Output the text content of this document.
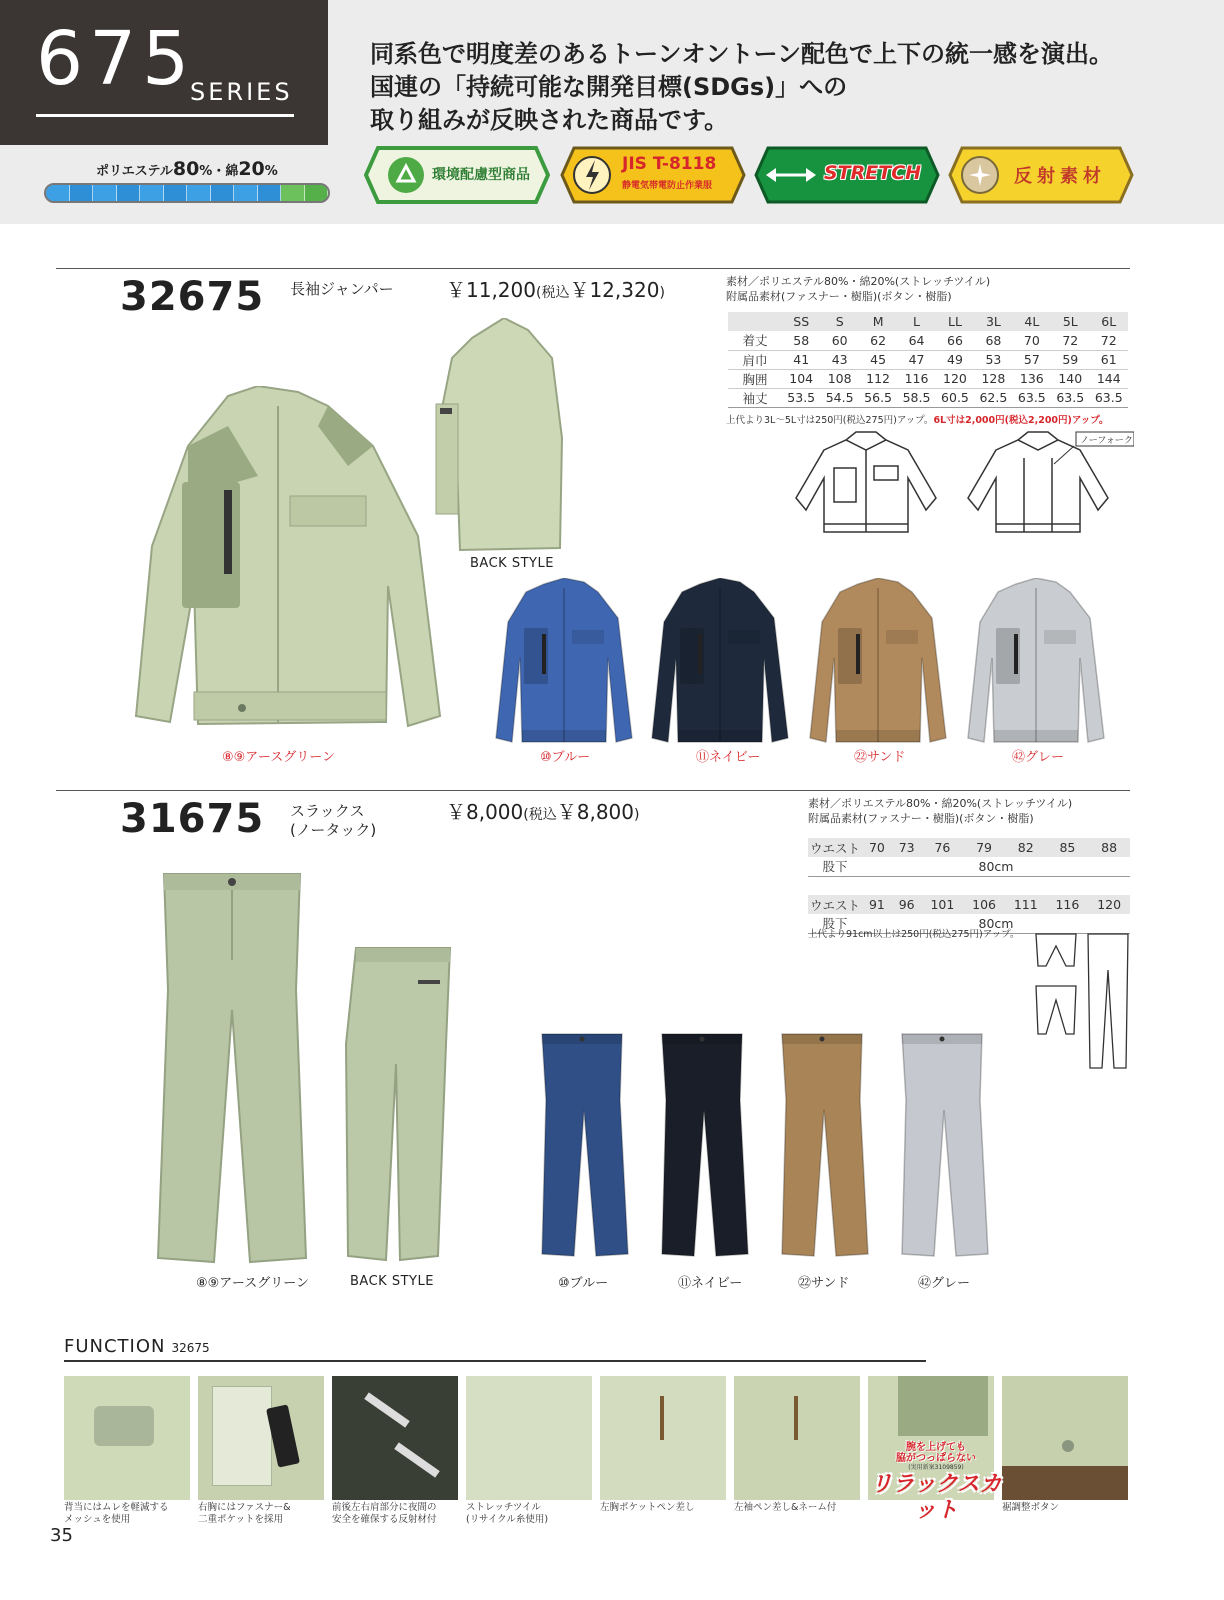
675
SERIES
同系色で明度差のあるトーンオントーン配色で上下の統一感を演出。
国連の「持続可能な開発目標(SDGs)」への
取り組みが反映された商品です。
ポリエステル80%・綿20%	環境配慮型商品
JIS T-8118
静電気帯電防止作業服
STRETCH	反射素材
32675 長袖ジャンパー	￥11,200(税込￥12,320)
素材／ポリエステル80%・綿20%(ストレッチツイル)
附属品素材(ファスナー・樹脂)(ボタン・樹脂)
	SS	S	M	L	LL	3L	4L	5L	6L
着丈	58	60	62	64	66	68	70	72	72
肩巾	41	43	45	47	49	53	57	59	61
胸囲	104	108	112	116	120	128	136	140	144
袖丈	53.5	54.5	56.5	58.5	60.5	62.5	63.5	63.5	63.5
上代より3L〜5L寸は250円(税込275円)アップ。6L寸は2,000円(税込2,200円)アップ。
ノーフォーク
⑧⑨アースグリーン
BACK STYLE
⑩ブルー	⑪ネイビー	㉒サンド	㊷グレー
31675 スラックス
(ノータック)
￥8,000(税込￥8,800)
素材／ポリエステル80%・綿20%(ストレッチツイル)
附属品素材(ファスナー・樹脂)(ボタン・樹脂)
ウエスト	70	73	76	79	82	85	88
股下	80cm						

ウエスト	91	96	101	106	111	116	120
股下	80cm						
上代より91cm以上は250円(税込275円)アップ。
⑧⑨アースグリーン	BACK STYLE	⑩ブルー	⑪ネイビー	㉒サンド	㊷グレー
FUNCTION 32675
背当にはムレを軽減する
メッシュを使用
右胸にはファスナー&
二重ポケットを採用
前後左右肩部分に夜間の
安全を確保する反射材付
ストレッチツイル
(リサイクル糸使用)
左胸ポケットペン差し	左袖ペン差し&ネーム付	裾調整ボタン
腕を上げても
脇がつっぱらない
(実用新案3109859)
リラックスカット
35
